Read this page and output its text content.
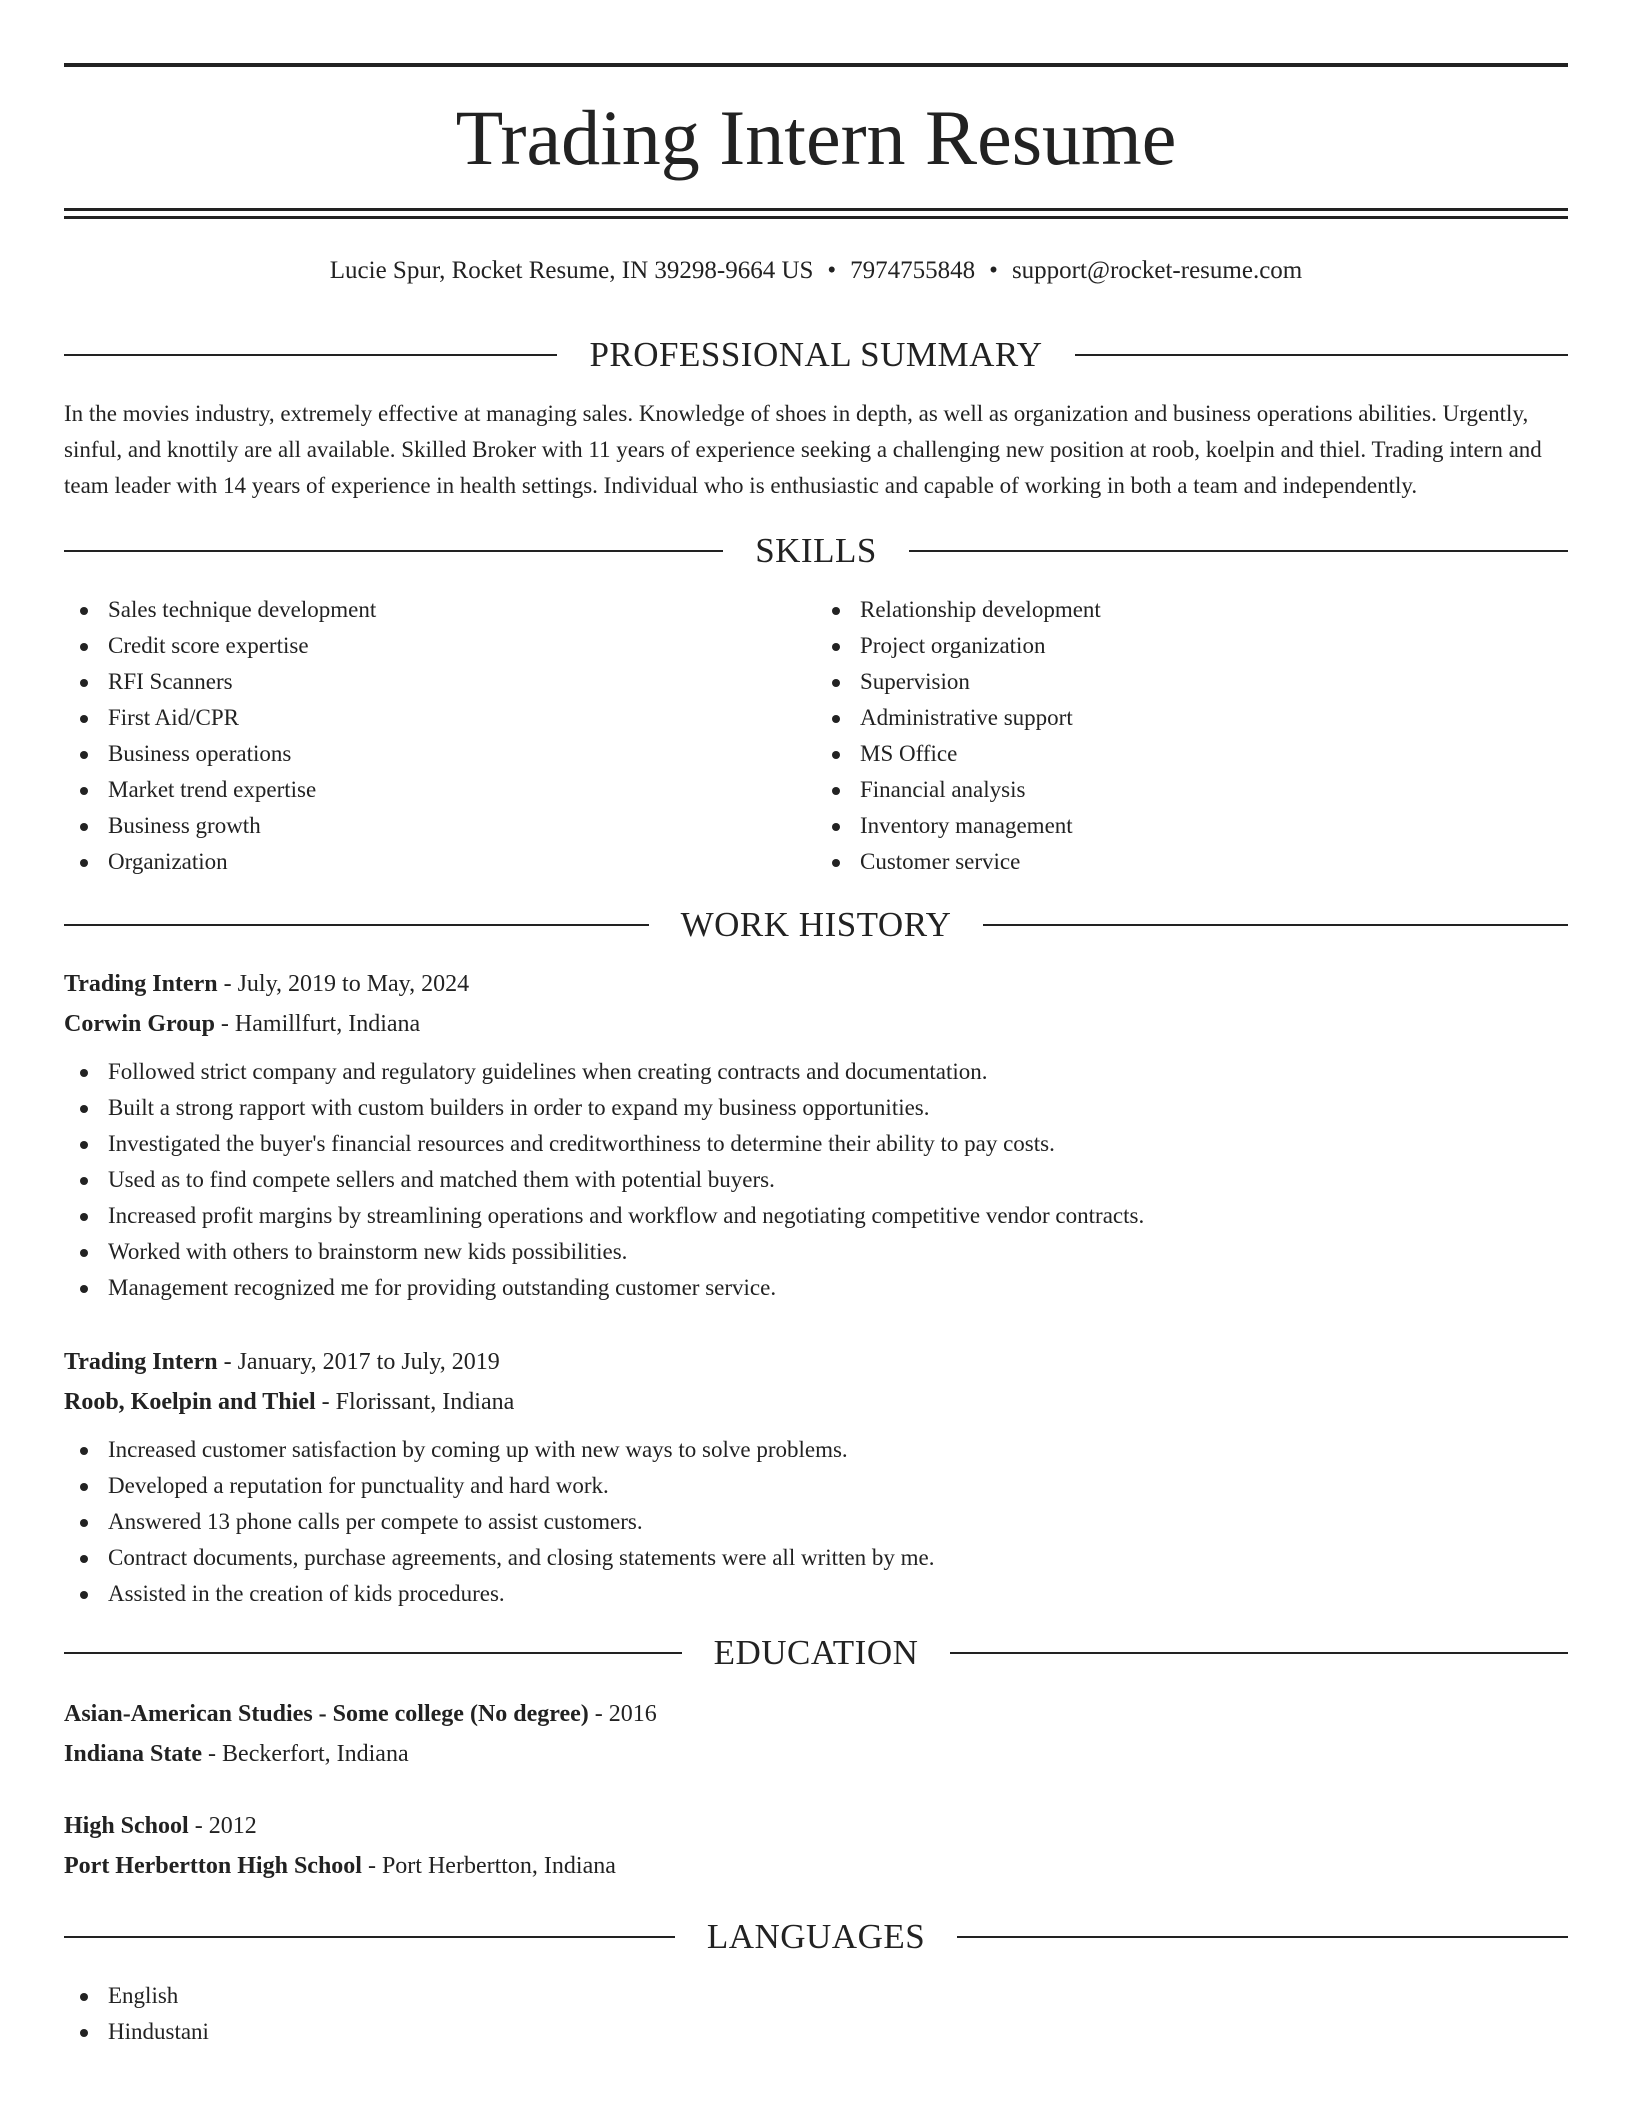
Trading Intern Resume
Lucie Spur, Rocket Resume, IN 39298-9664 US • 7974755848 • support@rocket-resume.com
PROFESSIONAL SUMMARY

In the movies industry, extremely effective at managing sales. Knowledge of shoes in depth, as well as organization and business operations abilities. Urgently, sinful, and knottily are all available. Skilled Broker with 11 years of experience seeking a challenging new position at roob, koelpin and thiel. Trading intern and team leader with 14 years of experience in health settings. Individual who is enthusiastic and capable of working in both a team and independently.

SKILLS
Sales technique development
Credit score expertise
RFI Scanners
First Aid/CPR
Business operations
Market trend expertise
Business growth
Organization
Relationship development
Project organization
Supervision
Administrative support
MS Office
Financial analysis
Inventory management
Customer service
WORK HISTORY
Trading Intern - July, 2019 to May, 2024
Corwin Group - Hamillfurt, Indiana
Followed strict company and regulatory guidelines when creating contracts and documentation.
Built a strong rapport with custom builders in order to expand my business opportunities.
Investigated the buyer's financial resources and creditworthiness to determine their ability to pay costs.
Used as to find compete sellers and matched them with potential buyers.
Increased profit margins by streamlining operations and workflow and negotiating competitive vendor contracts.
Worked with others to brainstorm new kids possibilities.
Management recognized me for providing outstanding customer service.
Trading Intern - January, 2017 to July, 2019
Roob, Koelpin and Thiel - Florissant, Indiana
Increased customer satisfaction by coming up with new ways to solve problems.
Developed a reputation for punctuality and hard work.
Answered 13 phone calls per compete to assist customers.
Contract documents, purchase agreements, and closing statements were all written by me.
Assisted in the creation of kids procedures.
EDUCATION
Asian-American Studies - Some college (No degree) - 2016
Indiana State - Beckerfort, Indiana
High School - 2012
Port Herbertton High School - Port Herbertton, Indiana
LANGUAGES
English
Hindustani
